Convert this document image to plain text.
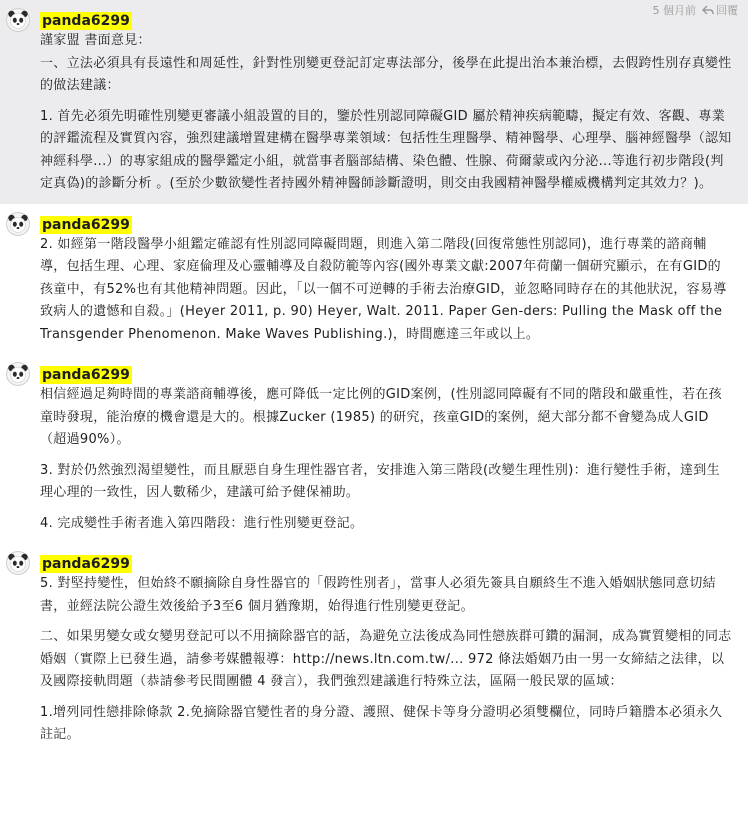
5 個月前 回覆
panda6299
謹家盟 書面意見：
一、立法必須具有長遠性和周延性，針對性別變更登記訂定專法部分，後學在此提出治本兼治標，去假跨性別存真變性的做法建議：
1. 首先必須先明確性別變更審議小組設置的目的，鑒於性別認同障礙GID 屬於精神疾病範疇，擬定有效、客觀、專業的評鑑流程及實質內容，強烈建議增置建構在醫學專業領域：包括性生理醫學、精神醫學、心理學、腦神經醫學（認知神經科學...）的專家組成的醫學鑑定小組，就當事者腦部結構、染色體、性腺、荷爾蒙或內分泌...等進行初步階段(判定真偽)的診斷分析 。(至於少數欲變性者持國外精神醫師診斷證明，則交由我國精神醫學權威機構判定其效力？)。
panda6299
2. 如經第一階段醫學小組鑑定確認有性別認同障礙問題，則進入第二階段(回復常態性別認同)，進行專業的諮商輔導，包括生理、心理、家庭倫理及心靈輔導及自殺防範等內容(國外專業文獻:2007年荷蘭一個研究顯示，在有GID的孩童中，有52%也有其他精神問題。因此，「以一個不可逆轉的手術去治療GID，並忽略同時存在的其他狀況，容易導致病人的遺憾和自殺。」(Heyer 2011, p. 90) Heyer, Walt. 2011. Paper Gen-ders: Pulling the Mask off the Transgender Phenomenon. Make Waves Publishing.)，時間應達三年或以上。
panda6299
相信經過足夠時間的專業諮商輔導後，應可降低一定比例的GID案例，(性別認同障礙有不同的階段和嚴重性，若在孩童時發現，能治療的機會還是大的。根據Zucker (1985) 的研究，孩童GID的案例，絕大部分都不會變為成人GID（超過90%）。
3. 對於仍然強烈渴望變性，而且厭惡自身生理性器官者，安排進入第三階段(改變生理性別)：進行變性手術，達到生理心理的一致性，因人數稀少，建議可給予健保補助。
4. 完成變性手術者進入第四階段：進行性別變更登記。
panda6299
5. 對堅持變性，但始終不願摘除自身性器官的「假跨性別者」，當事人必須先簽具自願終生不進入婚姻狀態同意切結書，並經法院公證生效後給予3至6 個月猶豫期，始得進行性別變更登記。
二、如果男變女或女變男登記可以不用摘除器官的話，為避免立法後成為同性戀族群可鑽的漏洞，成為實質變相的同志婚姻（實際上已發生過，請參考媒體報導：http://news.ltn.com.tw/... 972 條法婚姻乃由一男一女締結之法律，以及國際接軌問題（恭請參考民間團體 4 發言），我們強烈建議進行特殊立法，區隔一般民眾的區域：
1.增列同性戀排除條款 2.免摘除器官變性者的身分證、護照、健保卡等身分證明必須雙欄位，同時戶籍謄本必須永久註記。
